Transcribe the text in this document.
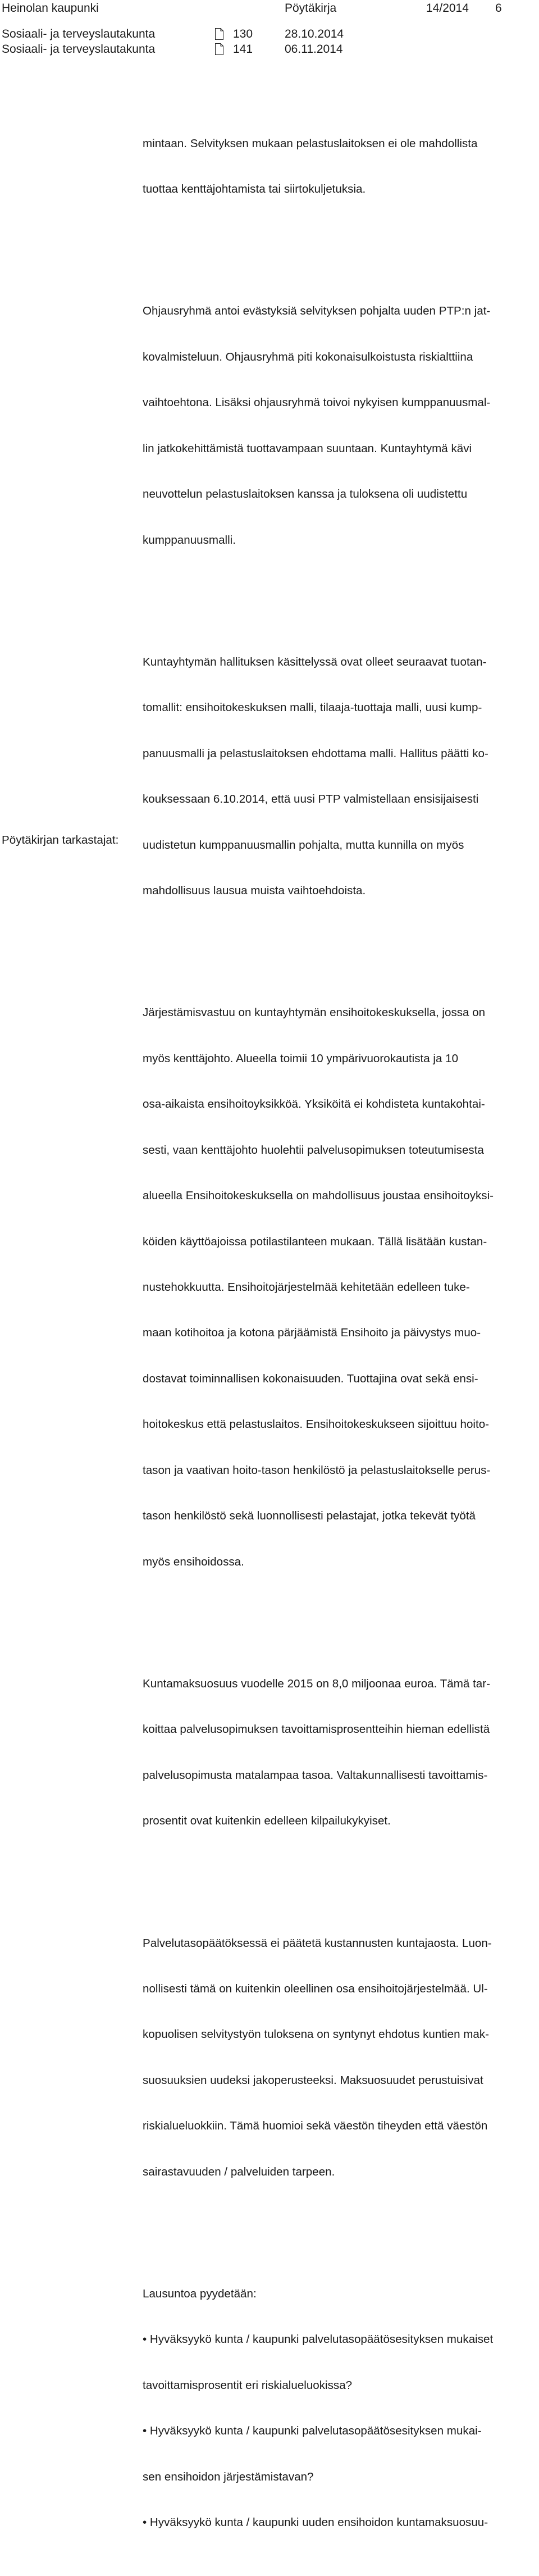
Heinolan kaupunki	Pöytäkirja	14/2014 6
Sosiaali- ja terveyslautakunta	130	28.10.2014
Sosiaali- ja terveyslautakunta	141	06.11.2014

mintaan. Selvityksen mukaan pelastuslaitoksen ei ole mahdollista

tuottaa kenttäjohtamista tai siirtokuljetuksia.

Ohjausryhmä antoi evästyksiä selvityksen pohjalta uuden PTP:n jat-

kovalmisteluun. Ohjausryhmä piti kokonaisulkoistusta riskialttiina

vaihtoehtona. Lisäksi ohjausryhmä toivoi nykyisen kumppanuusmal-

lin jatkokehittämistä tuottavampaan suuntaan. Kuntayhtymä kävi

neuvottelun pelastuslaitoksen kanssa ja tuloksena oli uudistettu

kumppanuusmalli.

Kuntayhtymän hallituksen käsittelyssä ovat olleet seuraavat tuotan-

tomallit: ensihoitokeskuksen malli, tilaaja-tuottaja malli, uusi kump-

panuusmalli ja pelastuslaitoksen ehdottama malli. Hallitus päätti ko-

kouksessaan 6.10.2014, että uusi PTP valmistellaan ensisijaisesti

uudistetun kumppanuusmallin pohjalta, mutta kunnilla on myös

mahdollisuus lausua muista vaihtoehdoista.

Järjestämisvastuu on kuntayhtymän ensihoitokeskuksella, jossa on

myös kenttäjohto. Alueella toimii 10 ympärivuorokautista ja 10

osa-aikaista ensihoitoyksikköä. Yksiköitä ei kohdisteta kuntakohtai-

sesti, vaan kenttäjohto huolehtii palvelusopimuksen toteutumisesta

alueella Ensihoitokeskuksella on mahdollisuus joustaa ensihoitoyksi-

köiden käyttöajoissa potilastilanteen mukaan. Tällä lisätään kustan-

nustehokkuutta. Ensihoitojärjestelmää kehitetään edelleen tuke-

maan kotihoitoa ja kotona pärjäämistä Ensihoito ja päivystys muo-

dostavat toiminnallisen kokonaisuuden. Tuottajina ovat sekä ensi-

hoitokeskus että pelastuslaitos. Ensihoitokeskukseen sijoittuu hoito-

tason ja vaativan hoito-tason henkilöstö ja pelastuslaitokselle perus-

tason henkilöstö sekä luonnollisesti pelastajat, jotka tekevät työtä

myös ensihoidossa.

Kuntamaksuosuus vuodelle 2015 on 8,0 miljoonaa euroa. Tämä tar-

koittaa palvelusopimuksen tavoittamisprosentteihin hieman edellistä

palvelusopimusta matalampaa tasoa. Valtakunnallisesti tavoittamis-

prosentit ovat kuitenkin edelleen kilpailukykyiset.

Palvelutasopäätöksessä ei päätetä kustannusten kuntajaosta. Luon-

nollisesti tämä on kuitenkin oleellinen osa ensihoitojärjestelmää. Ul-

kopuolisen selvitystyön tuloksena on syntynyt ehdotus kuntien mak-

suosuuksien uudeksi jakoperusteeksi. Maksuosuudet perustuisivat

riskialueluokkiin. Tämä huomioi sekä väestön tiheyden että väestön

sairastavuuden / palveluiden tarpeen.

Lausuntoa pyydetään:

• Hyväksyykö kunta / kaupunki palvelutasopäätösesityksen mukaiset

tavoittamisprosentit eri riskialueluokissa?

• Hyväksyykö kunta / kaupunki palvelutasopäätösesityksen mukai-

sen ensihoidon järjestämistavan?

• Hyväksyykö kunta / kaupunki uuden ensihoidon kuntamaksuosuu-

Pöytäkirjan tarkastajat:
